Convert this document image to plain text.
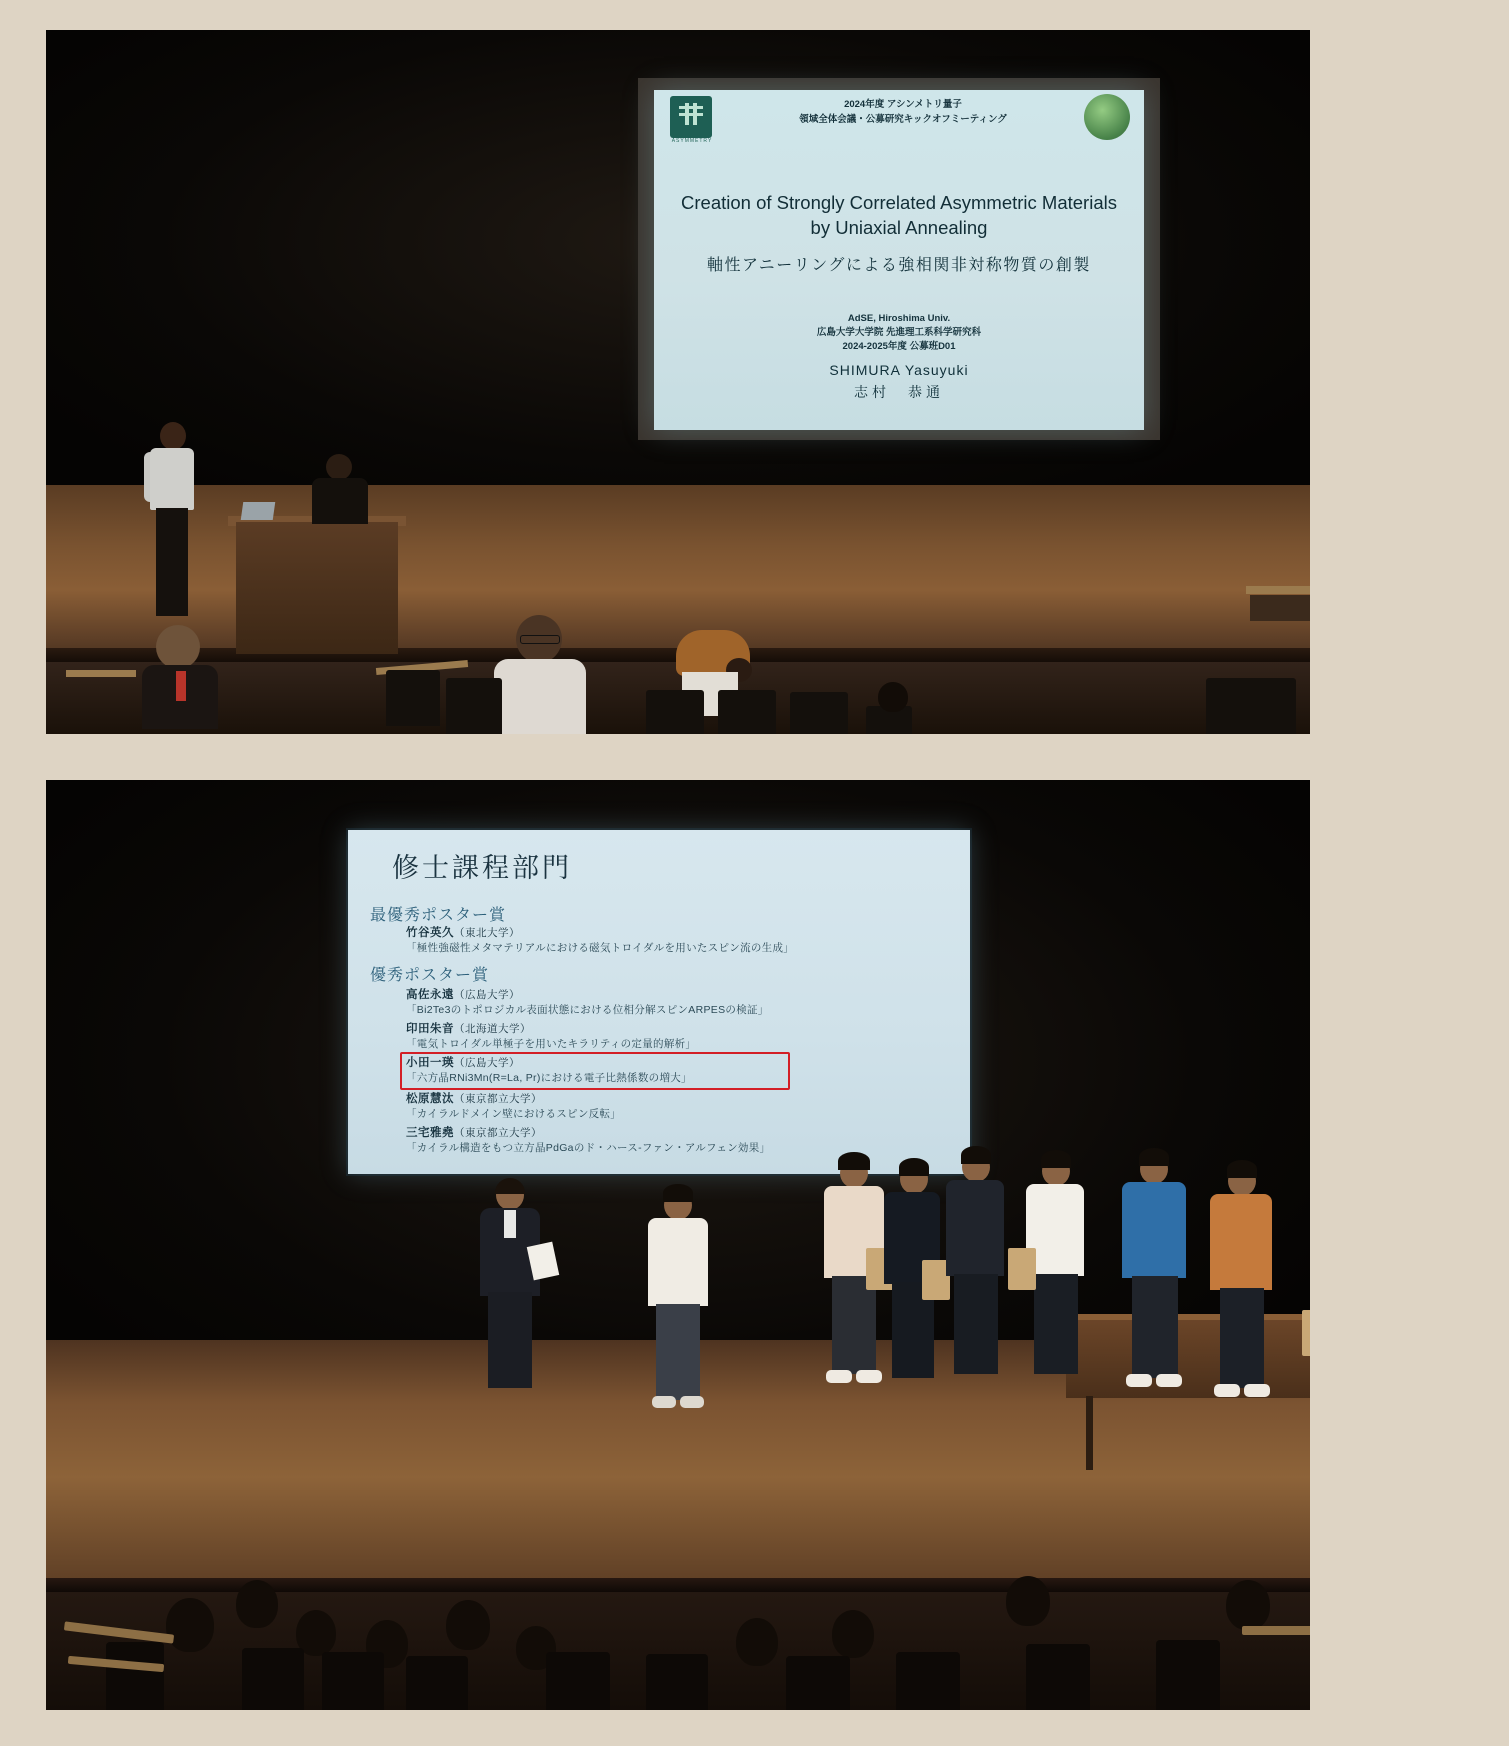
ASYMMETRY
2024年度 アシンメトリ量子
領域全体会議・公募研究キックオフミーティング
Creation of Strongly Correlated Asymmetric Materials
by Uniaxial Annealing
軸性アニーリングによる強相関非対称物質の創製
AdSE, Hiroshima Univ.
広島大学大学院 先進理工系科学研究科
2024-2025年度 公募班D01
SHIMURA Yasuyuki
志村　恭通
修士課程部門
最優秀ポスター賞
優秀ポスター賞
竹谷英久（東北大学）
「極性強磁性メタマテリアルにおける磁気トロイダルを用いたスピン流の生成」
高佐永遠（広島大学）
「Bi2Te3のトポロジカル表面状態における位相分解スピンARPESの検証」
印田朱音（北海道大学）
「電気トロイダル単極子を用いたキラリティの定量的解析」
小田一瑛（広島大学）
「六方晶RNi3Mn(R=La, Pr)における電子比熱係数の増大」
松原慧汰（東京都立大学）
「カイラルドメイン壁におけるスピン反転」
三宅雅堯（東京都立大学）
「カイラル構造をもつ立方晶PdGaのド・ハース-ファン・アルフェン効果」
